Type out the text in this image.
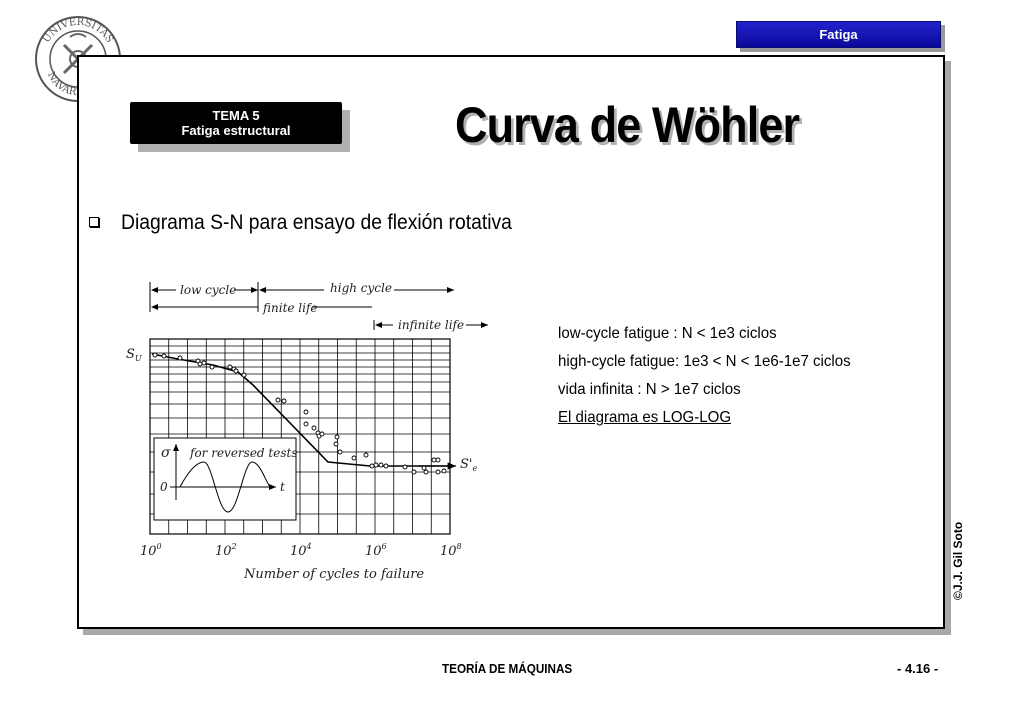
UNIVERSITAS
NAVAR
Fatiga
TEMA 5
Fatiga estructural	Curva de Wöhler
Diagrama S-N para ensayo de flexión rotativa
low cycle	high cycle
finite life
infinite life
$S_U$
$S'_e$
σ for reversed tests
0	t
$10^0$	$10^2$	$10^4$	$10^6$	$10^8$
Number of cycles to failure
low-cycle fatigue : N < 1e3 ciclos
high-cycle fatigue: 1e3 < N < 1e6-1e7 ciclos
vida infinita : N > 1e7 ciclos
El diagrama es LOG-LOG
©J.J. Gil Soto
TEORÍA DE MÁQUINAS	- 4.16 -
